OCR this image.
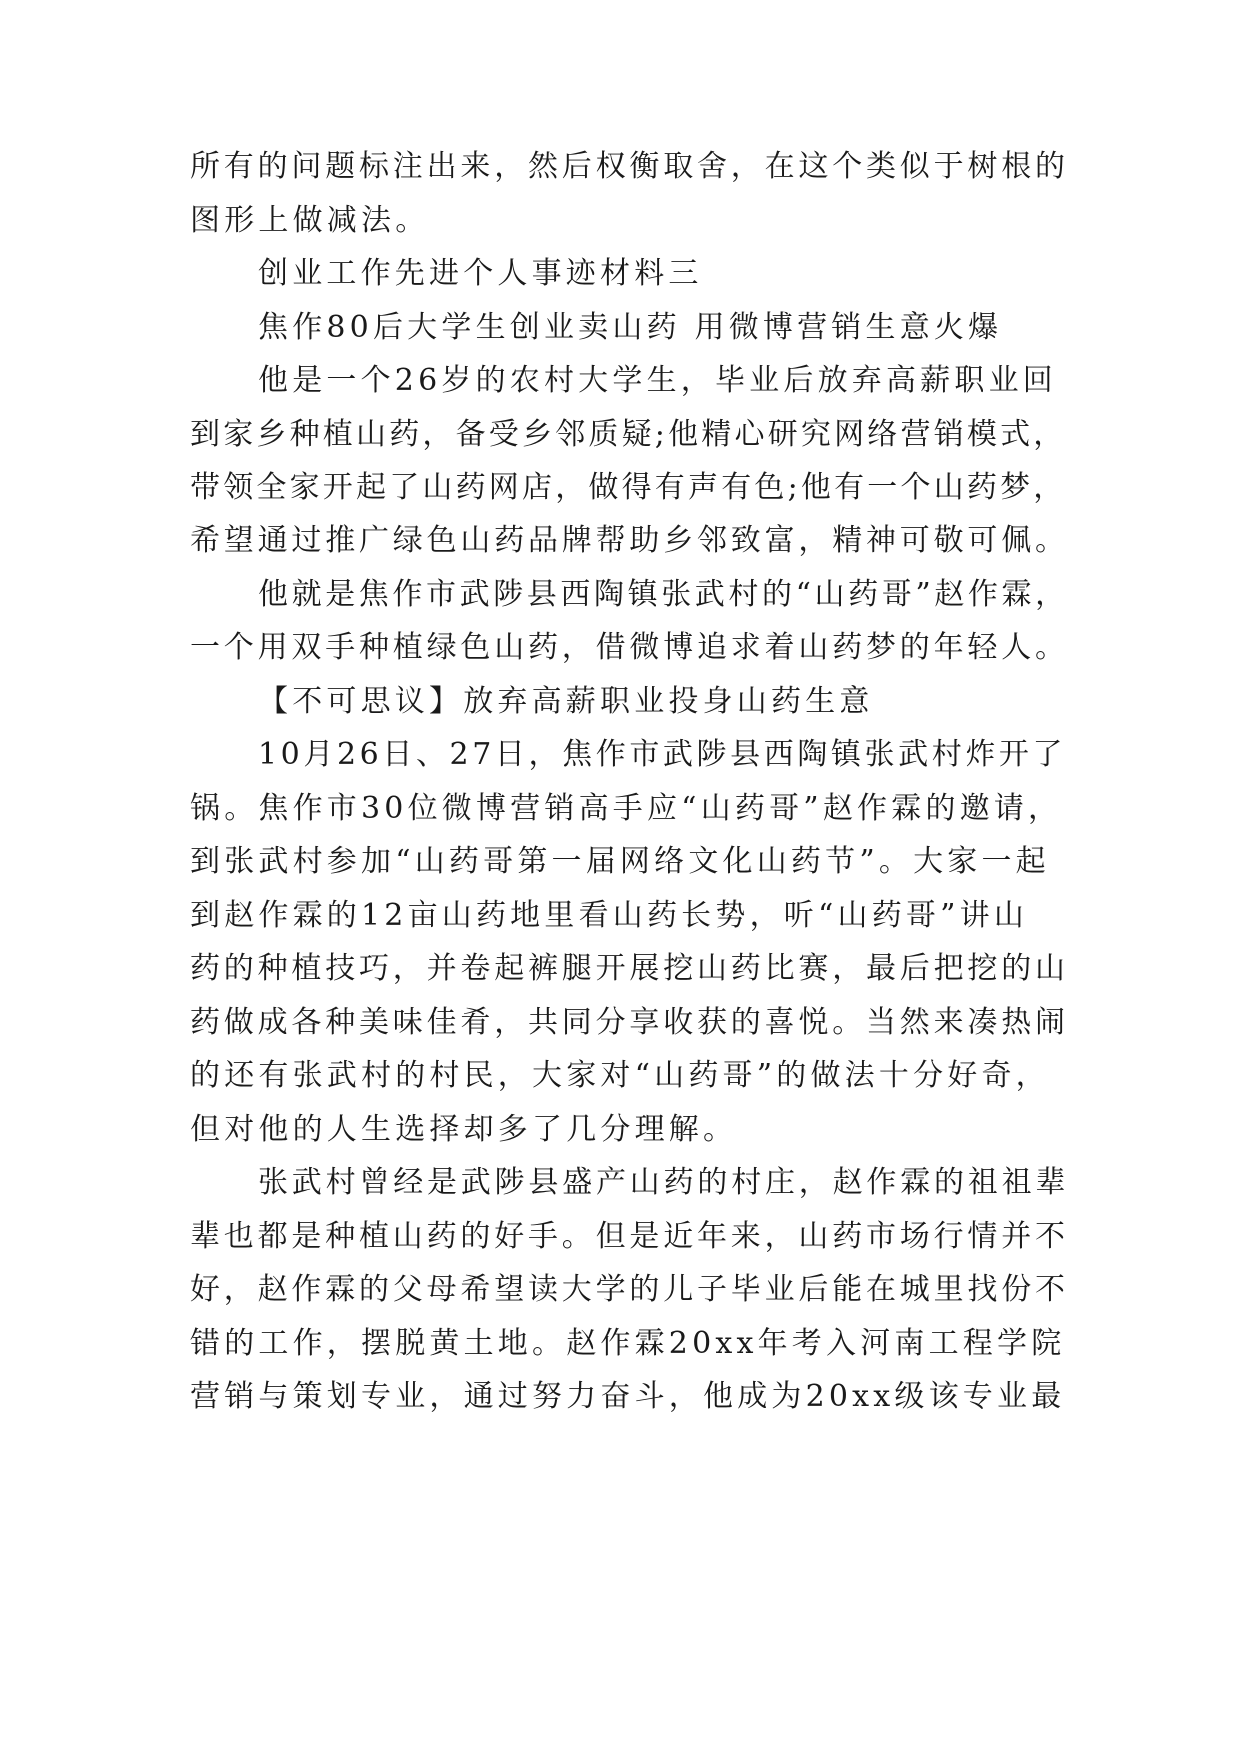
所有的问题标注出来，然后权衡取舍，在这个类似于树根的
图形上做减法。
创业工作先进个人事迹材料三
焦作80后大学生创业卖山药 用微博营销生意火爆
他是一个26岁的农村大学生，毕业后放弃高薪职业回
到家乡种植山药，备受乡邻质疑;他精心研究网络营销模式，
带领全家开起了山药网店，做得有声有色;他有一个山药梦，
希望通过推广绿色山药品牌帮助乡邻致富，精神可敬可佩。
他就是焦作市武陟县西陶镇张武村的“山药哥”赵作霖，
一个用双手种植绿色山药，借微博追求着山药梦的年轻人。
【不可思议】放弃高薪职业投身山药生意
10月26日、27日，焦作市武陟县西陶镇张武村炸开了
锅。焦作市30位微博营销高手应“山药哥”赵作霖的邀请，
到张武村参加“山药哥第一届网络文化山药节”。大家一起
到赵作霖的12亩山药地里看山药长势，听“山药哥”讲山
药的种植技巧，并卷起裤腿开展挖山药比赛，最后把挖的山
药做成各种美味佳肴，共同分享收获的喜悦。当然来凑热闹
的还有张武村的村民，大家对“山药哥”的做法十分好奇，
但对他的人生选择却多了几分理解。
张武村曾经是武陟县盛产山药的村庄，赵作霖的祖祖辈
辈也都是种植山药的好手。但是近年来，山药市场行情并不
好，赵作霖的父母希望读大学的儿子毕业后能在城里找份不
错的工作，摆脱黄土地。赵作霖20xx年考入河南工程学院
营销与策划专业，通过努力奋斗，他成为20xx级该专业最
